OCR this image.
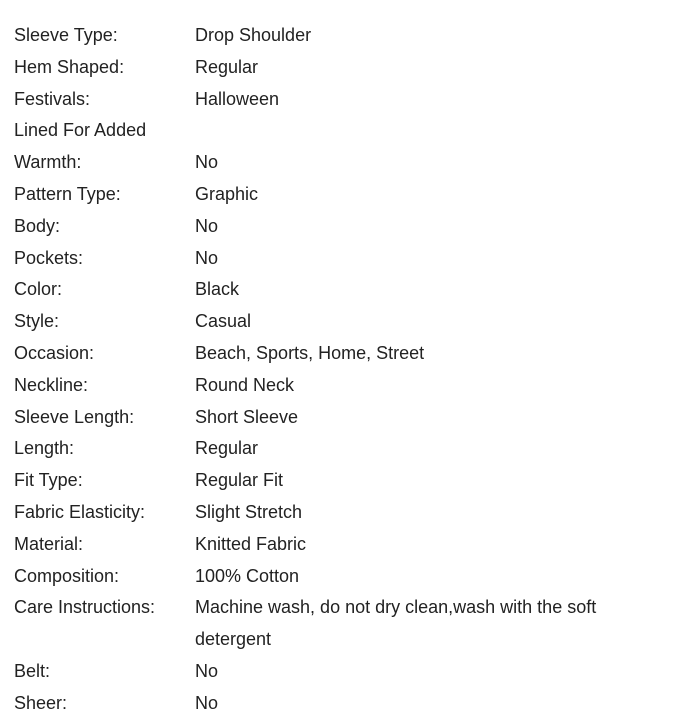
Sleeve Type:	Drop Shoulder
Hem Shaped:	Regular
Festivals:	Halloween
Lined For Added Warmth:	No
Pattern Type:	Graphic
Body:	No
Pockets:	No
Color:	Black
Style:	Casual
Occasion:	Beach, Sports, Home, Street
Neckline:	Round Neck
Sleeve Length:	Short Sleeve
Length:	Regular
Fit Type:	Regular Fit
Fabric Elasticity:	Slight Stretch
Material:	Knitted Fabric
Composition:	100% Cotton
Care Instructions:	Machine wash, do not dry clean,wash with the soft detergent
Belt:	No
Sheer:	No
